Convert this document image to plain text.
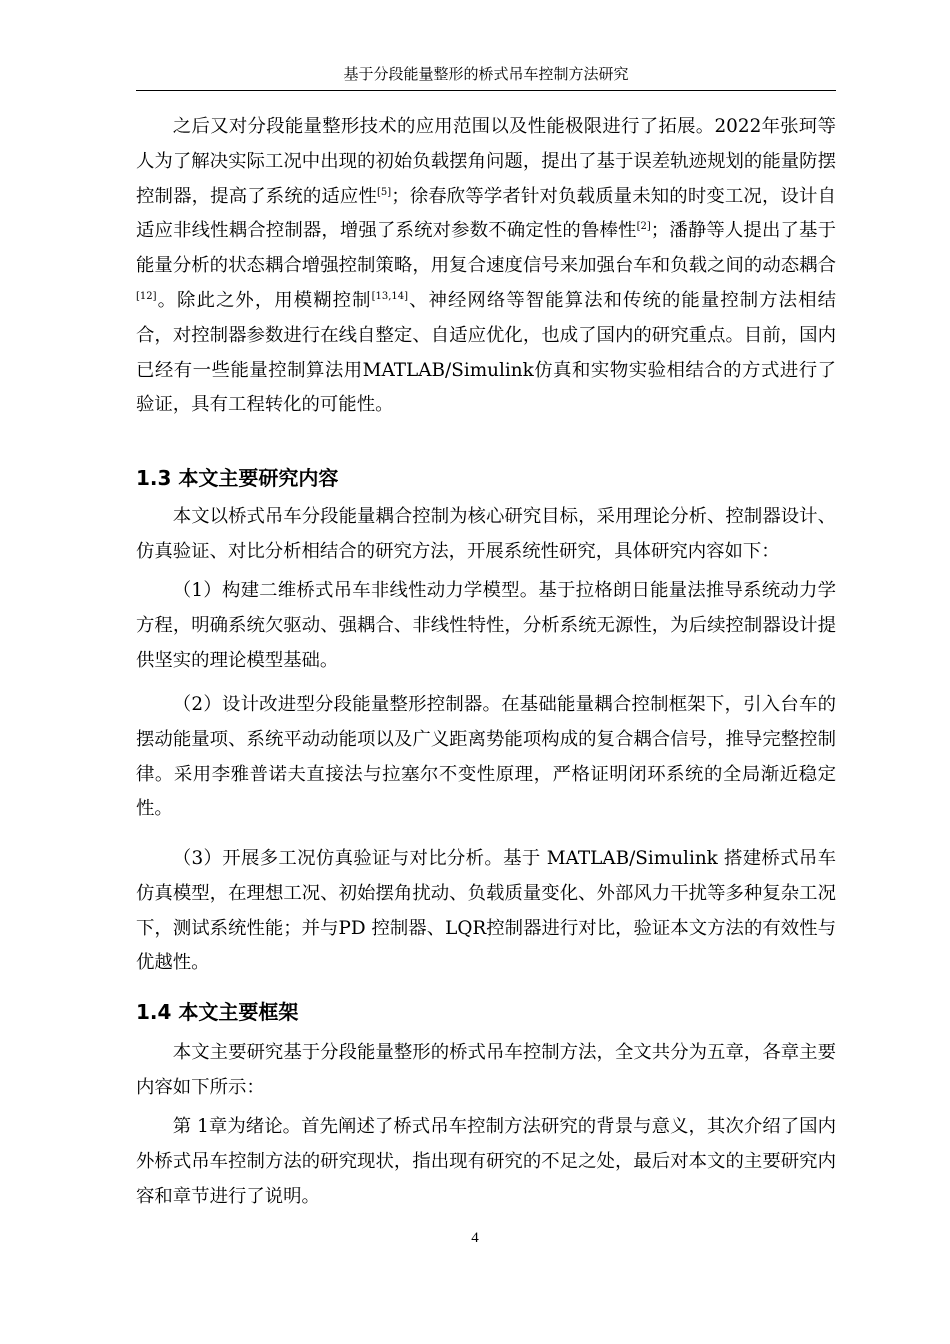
基于分段能量整形的桥式吊车控制方法研究

之后又对分段能量整形技术的应用范围以及性能极限进行了拓展。2022年张珂等人为了解决实际工况中出现的初始负载摆角问题，提出了基于误差轨迹规划的能量防摆控制器，提高了系统的适应性[5]；徐春欣等学者针对负载质量未知的时变工况，设计自适应非线性耦合控制器，增强了系统对参数不确定性的鲁棒性[2]；潘静等人提出了基于能量分析的状态耦合增强控制策略，用复合速度信号来加强台车和负载之间的动态耦合[12]。除此之外，用模糊控制[13,14]、神经网络等智能算法和传统的能量控制方法相结合，对控制器参数进行在线自整定、自适应优化，也成了国内的研究重点。目前，国内已经有一些能量控制算法用MATLAB/Simulink仿真和实物实验相结合的方式进行了验证，具有工程转化的可能性。

1.3 本文主要研究内容

本文以桥式吊车分段能量耦合控制为核心研究目标，采用理论分析、控制器设计、仿真验证、对比分析相结合的研究方法，开展系统性研究，具体研究内容如下：

（1）构建二维桥式吊车非线性动力学模型。基于拉格朗日能量法推导系统动力学方程，明确系统欠驱动、强耦合、非线性特性，分析系统无源性，为后续控制器设计提供坚实的理论模型基础。

（2）设计改进型分段能量整形控制器。在基础能量耦合控制框架下，引入台车的摆动能量项、系统平动动能项以及广义距离势能项构成的复合耦合信号，推导完整控制律。采用李雅普诺夫直接法与拉塞尔不变性原理，严格证明闭环系统的全局渐近稳定性。

（3）开展多工况仿真验证与对比分析。基于 MATLAB/Simulink 搭建桥式吊车仿真模型，在理想工况、初始摆角扰动、负载质量变化、外部风力干扰等多种复杂工况下，测试系统性能；并与PD 控制器、LQR控制器进行对比，验证本文方法的有效性与优越性。

1.4 本文主要框架

本文主要研究基于分段能量整形的桥式吊车控制方法，全文共分为五章，各章主要内容如下所示：

第 1章为绪论。首先阐述了桥式吊车控制方法研究的背景与意义，其次介绍了国内外桥式吊车控制方法的研究现状，指出现有研究的不足之处，最后对本文的主要研究内容和章节进行了说明。

4
